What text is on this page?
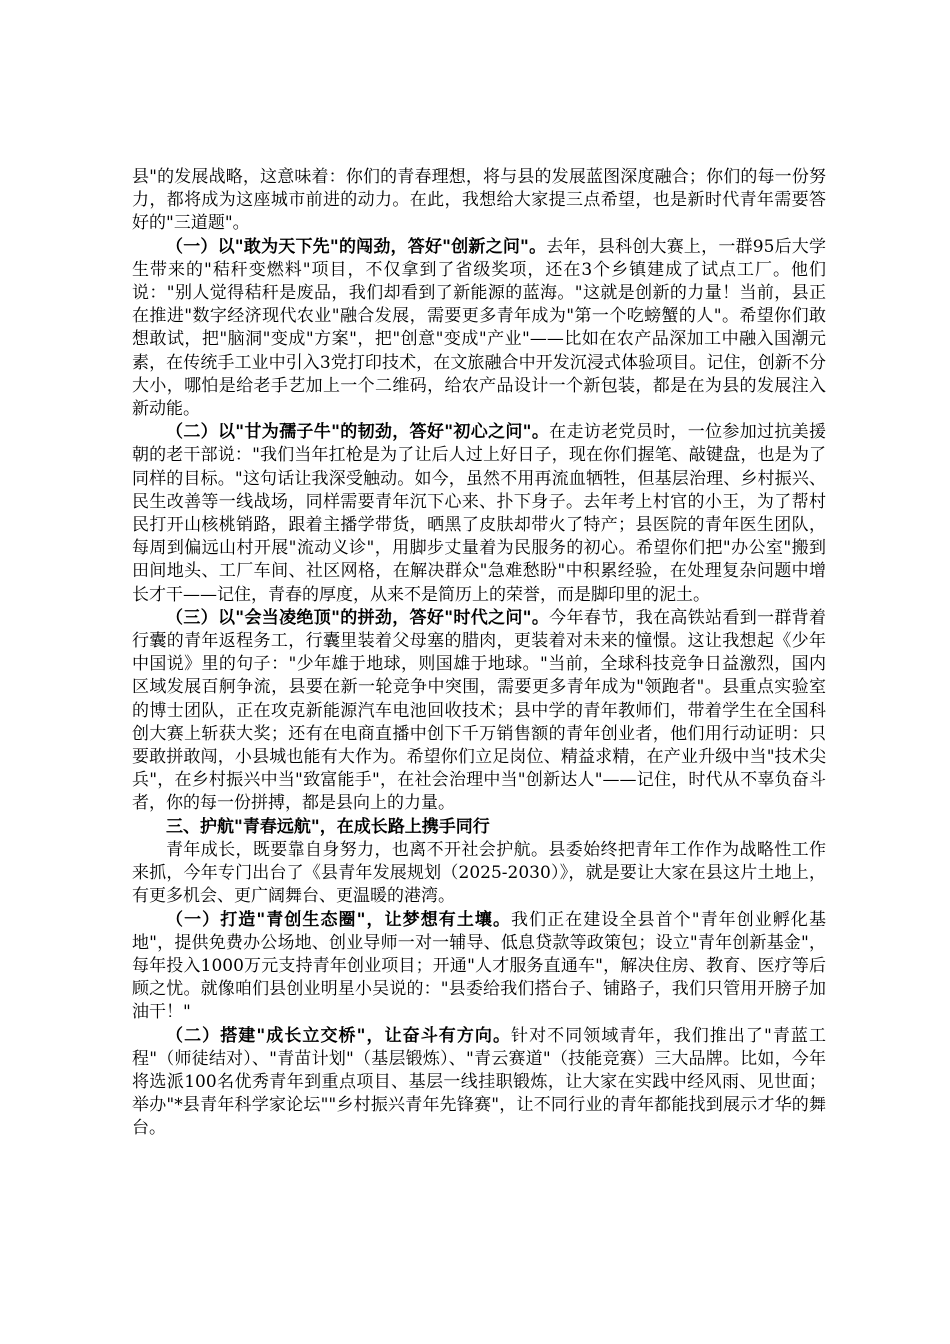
县"的发展战略，这意味着：你们的青春理想，将与县的发展蓝图深度融合；你们的每一份努力，都将成为这座城市前进的动力。在此，我想给大家提三点希望，也是新时代青年需要答好的"三道题"。

（一）以"敢为天下先"的闯劲，答好"创新之问"。去年，县科创大赛上，一群95后大学生带来的"秸秆变燃料"项目，不仅拿到了省级奖项，还在3个乡镇建成了试点工厂。他们说："别人觉得秸秆是废品，我们却看到了新能源的蓝海。"这就是创新的力量！当前，县正在推进"数字经济现代农业"融合发展，需要更多青年成为"第一个吃螃蟹的人"。希望你们敢想敢试，把"脑洞"变成"方案"，把"创意"变成"产业"——比如在农产品深加工中融入国潮元素，在传统手工业中引入3党打印技术，在文旅融合中开发沉浸式体验项目。记住，创新不分大小，哪怕是给老手艺加上一个二维码，给农产品设计一个新包装，都是在为县的发展注入新动能。

（二）以"甘为孺子牛"的韧劲，答好"初心之问"。在走访老党员时，一位参加过抗美援朝的老干部说："我们当年扛枪是为了让后人过上好日子，现在你们握笔、敲键盘，也是为了同样的目标。"这句话让我深受触动。如今，虽然不用再流血牺牲，但基层治理、乡村振兴、民生改善等一线战场，同样需要青年沉下心来、扑下身子。去年考上村官的小王，为了帮村民打开山核桃销路，跟着主播学带货，晒黑了皮肤却带火了特产；县医院的青年医生团队，每周到偏远山村开展"流动义诊"，用脚步丈量着为民服务的初心。希望你们把"办公室"搬到田间地头、工厂车间、社区网格，在解决群众"急难愁盼"中积累经验，在处理复杂问题中增长才干——记住，青春的厚度，从来不是简历上的荣誉，而是脚印里的泥土。

（三）以"会当凌绝顶"的拼劲，答好"时代之问"。今年春节，我在高铁站看到一群背着行囊的青年返程务工，行囊里装着父母塞的腊肉，更装着对未来的憧憬。这让我想起《少年中国说》里的句子："少年雄于地球，则国雄于地球。"当前，全球科技竞争日益激烈，国内区域发展百舸争流，县要在新一轮竞争中突围，需要更多青年成为"领跑者"。县重点实验室的博士团队，正在攻克新能源汽车电池回收技术；县中学的青年教师们，带着学生在全国科创大赛上斩获大奖；还有在电商直播中创下千万销售额的青年创业者，他们用行动证明：只要敢拼敢闯，小县城也能有大作为。希望你们立足岗位、精益求精，在产业升级中当"技术尖兵"，在乡村振兴中当"致富能手"，在社会治理中当"创新达人"——记住，时代从不辜负奋斗者，你的每一份拼搏，都是县向上的力量。

三、护航"青春远航"，在成长路上携手同行

青年成长，既要靠自身努力，也离不开社会护航。县委始终把青年工作作为战略性工作来抓，今年专门出台了《县青年发展规划（2025-2030）》，就是要让大家在县这片土地上，有更多机会、更广阔舞台、更温暖的港湾。

（一）打造"青创生态圈"，让梦想有土壤。我们正在建设全县首个"青年创业孵化基地"，提供免费办公场地、创业导师一对一辅导、低息贷款等政策包；设立"青年创新基金"，每年投入1000万元支持青年创业项目；开通"人才服务直通车"，解决住房、教育、医疗等后顾之忧。就像咱们县创业明星小吴说的："县委给我们搭台子、铺路子，我们只管用开膀子加油干！"

（二）搭建"成长立交桥"，让奋斗有方向。针对不同领域青年，我们推出了"青蓝工程"（师徒结对）、"青苗计划"（基层锻炼）、"青云赛道"（技能竞赛）三大品牌。比如，今年将选派100名优秀青年到重点项目、基层一线挂职锻炼，让大家在实践中经风雨、见世面；举办"*县青年科学家论坛""乡村振兴青年先锋赛"，让不同行业的青年都能找到展示才华的舞台。
